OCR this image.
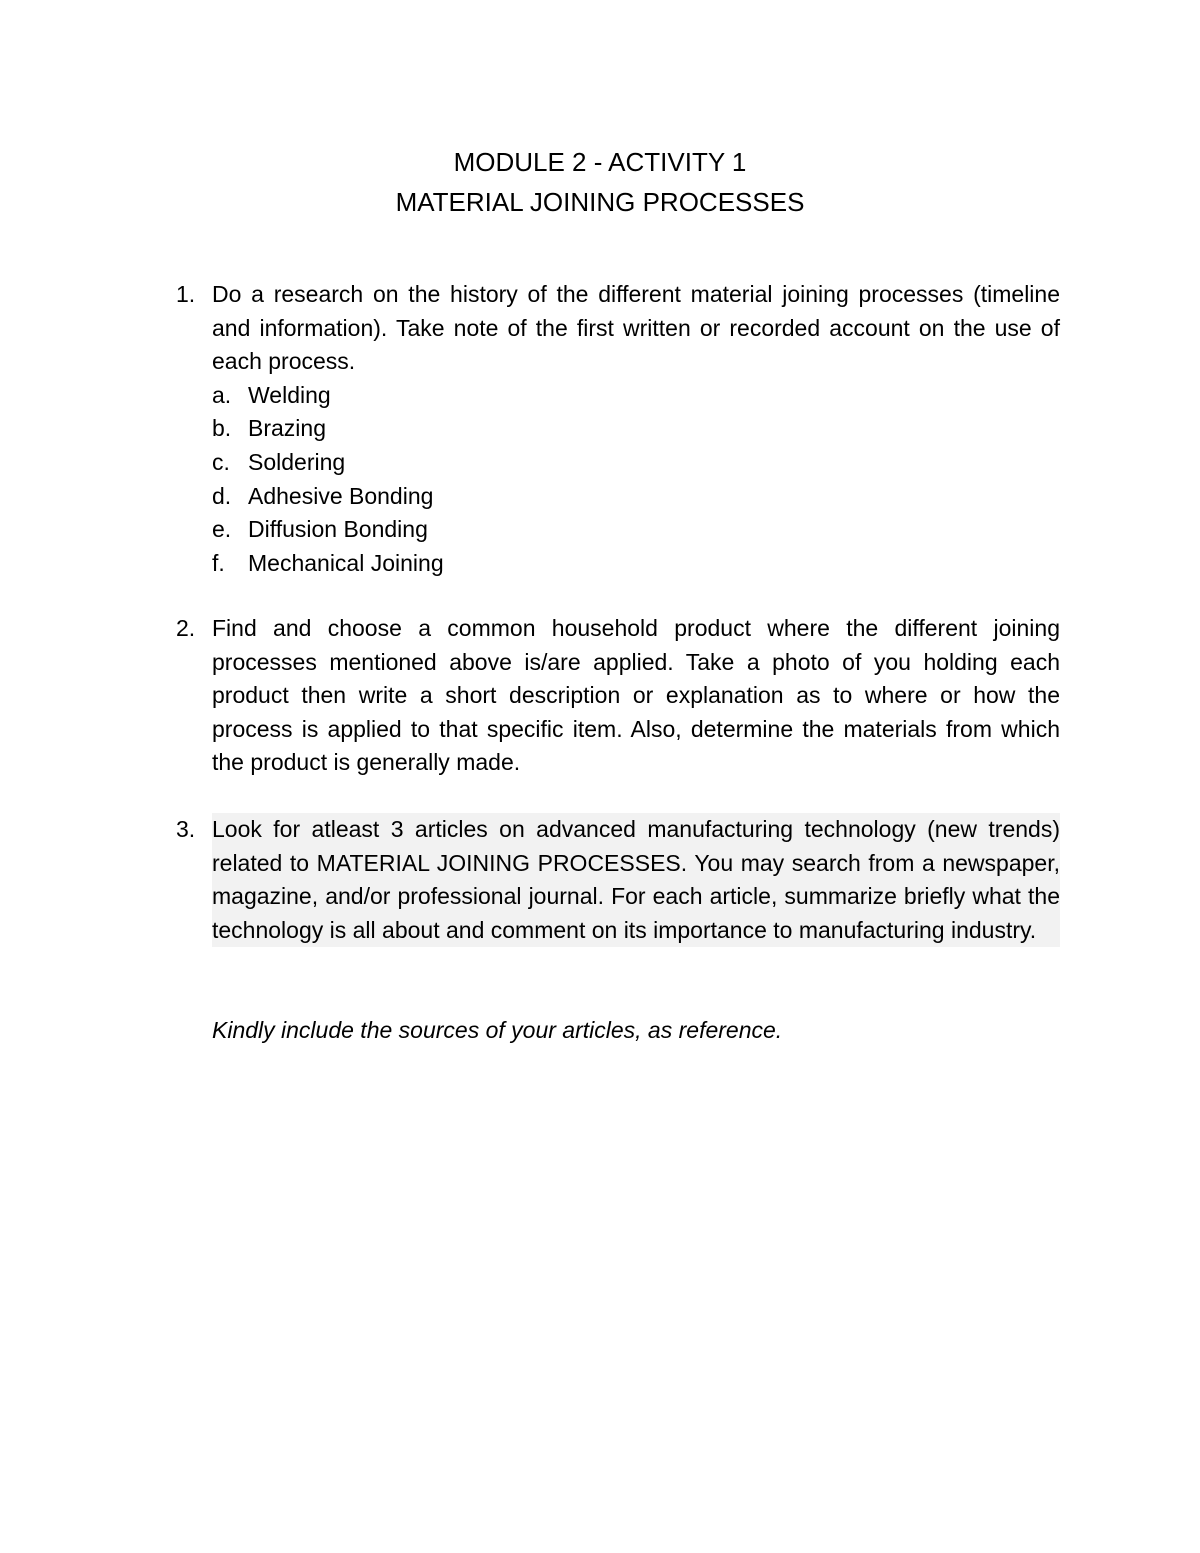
MODULE 2 - ACTIVITY 1
MATERIAL JOINING PROCESSES
1. Do a research on the history of the different material joining processes (timeline and information). Take note of the first written or recorded account on the use of each process.
a. Welding
b. Brazing
c. Soldering
d. Adhesive Bonding
e. Diffusion Bonding
f. Mechanical Joining
2. Find and choose a common household product where the different joining processes mentioned above is/are applied. Take a photo of you holding each product then write a short description or explanation as to where or how the process is applied to that specific item. Also, determine the materials from which the product is generally made.
3. Look for atleast 3 articles on advanced manufacturing technology (new trends) related to MATERIAL JOINING PROCESSES. You may search from a newspaper, magazine, and/or professional journal. For each article, summarize briefly what the technology is all about and comment on its importance to manufacturing industry.
Kindly include the sources of your articles, as reference.
